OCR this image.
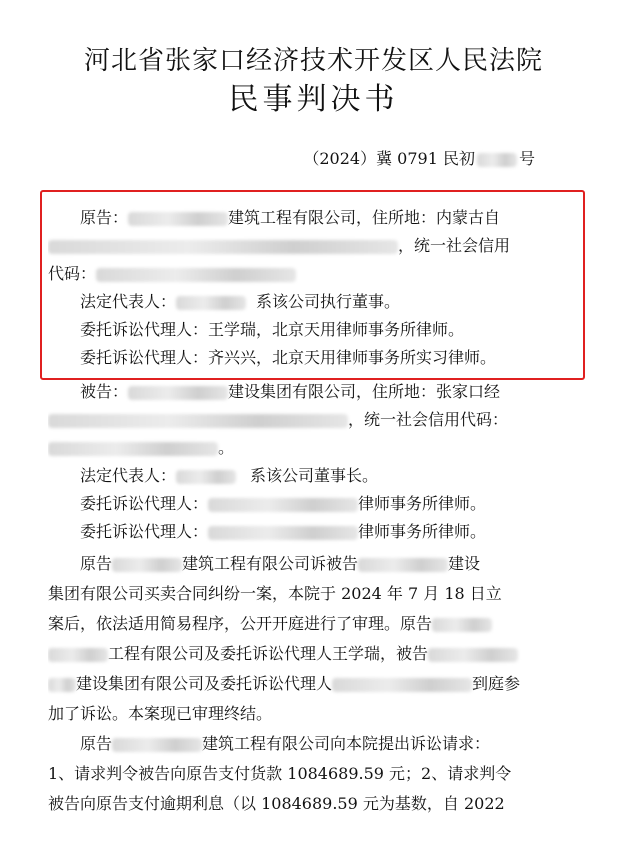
河北省张家口经济技术开发区人民法院
民事判决书
（2024）冀 0791 民初	号
原告：	建筑工程有限公司，住所地：内蒙古自
，统一社会信用
代码：
法定代表人：	系该公司执行董事。
委托诉讼代理人：王学瑞，北京天用律师事务所律师。
委托诉讼代理人：齐兴兴，北京天用律师事务所实习律师。
被告：	建设集团有限公司，住所地：张家口经
，统一社会信用代码：
。
法定代表人：	系该公司董事长。
委托诉讼代理人：	律师事务所律师。
委托诉讼代理人：	律师事务所律师。
原告	建筑工程有限公司诉被告	建设
集团有限公司买卖合同纠纷一案，本院于 2024 年 7 月 18 日立
案后，依法适用简易程序，公开开庭进行了审理。原告
工程有限公司及委托诉讼代理人王学瑞，被告
建设集团有限公司及委托诉讼代理人	到庭参
加了诉讼。本案现已审理终结。
原告	建筑工程有限公司向本院提出诉讼请求：
1、请求判令被告向原告支付货款 1084689.59 元；2、请求判令
被告向原告支付逾期利息（以 1084689.59 元为基数，自 2022
